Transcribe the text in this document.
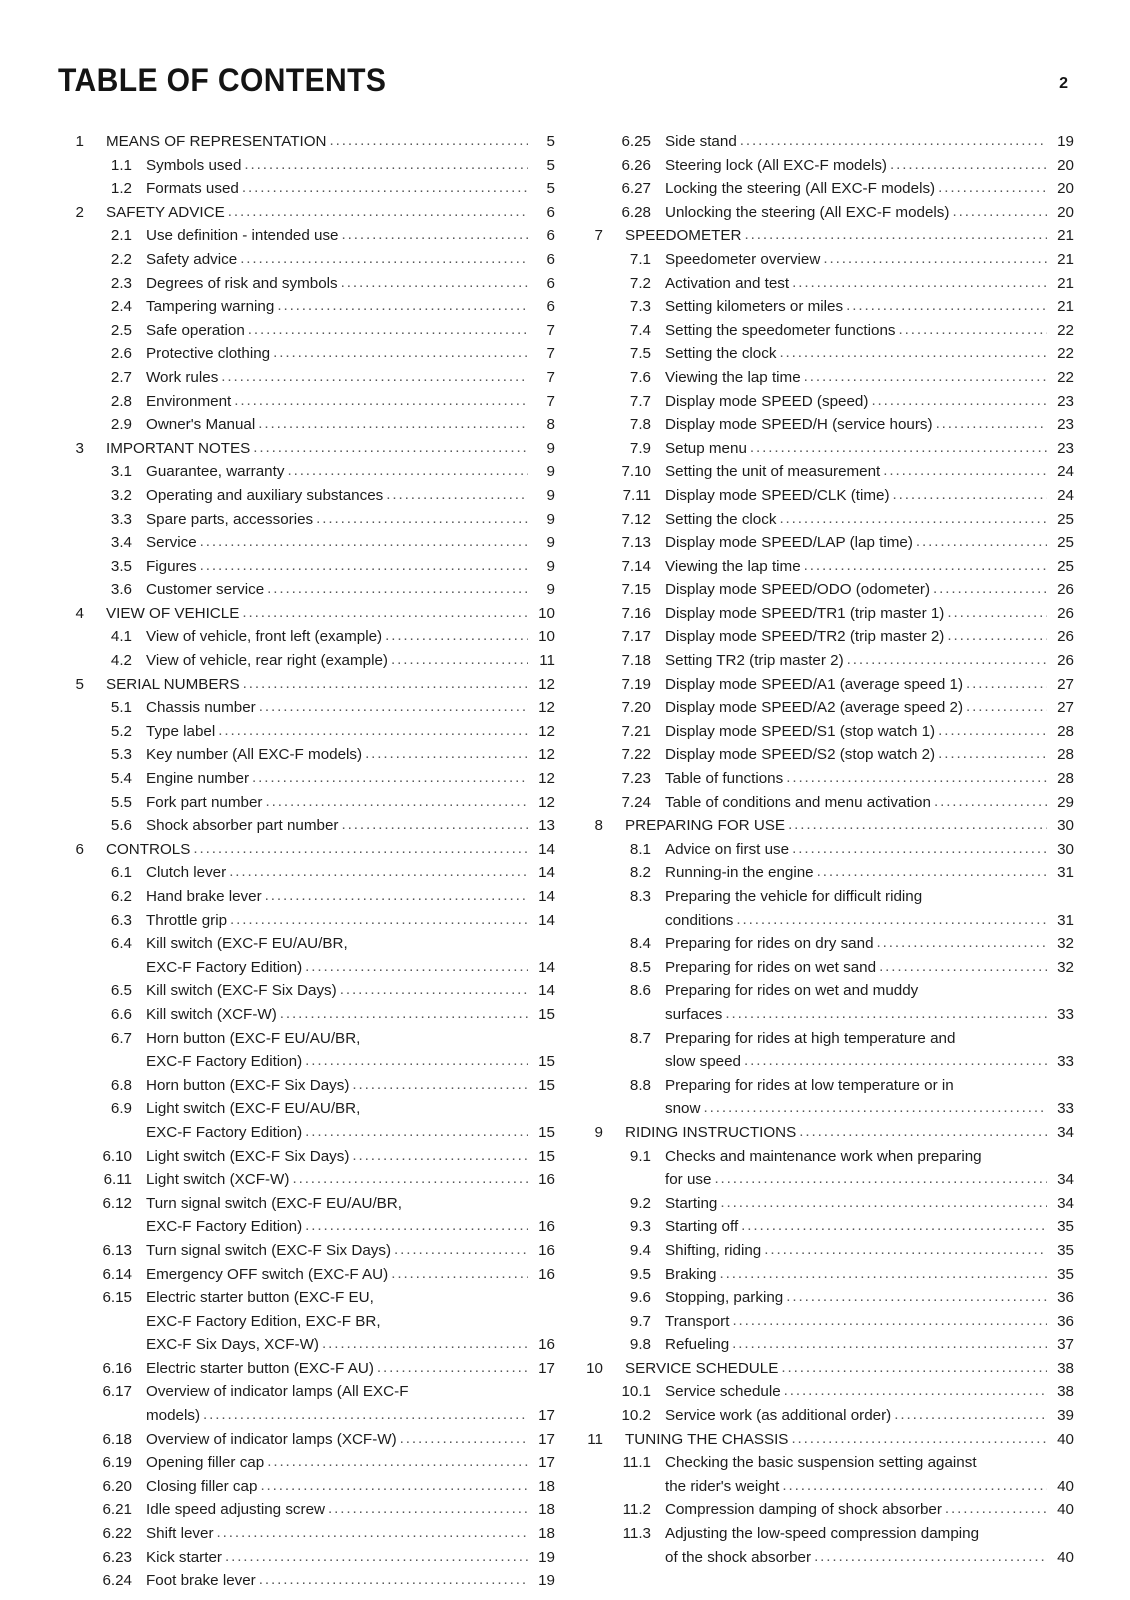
TABLE OF CONTENTS	2
1 MEANS OF REPRESENTATION .....	5
1.1 Symbols used .....	5
1.2 Formats used .....	5
2 SAFETY ADVICE .....	6
2.1 Use definition - intended use .....	6
2.2 Safety advice .....	6
2.3 Degrees of risk and symbols .....	6
2.4 Tampering warning .....	6
2.5 Safe operation .....	7
2.6 Protective clothing .....	7
2.7 Work rules .....	7
2.8 Environment .....	7
2.9 Owner's Manual .....	8
3 IMPORTANT NOTES .....	9
3.1 Guarantee, warranty .....	9
3.2 Operating and auxiliary substances .....	9
3.3 Spare parts, accessories .....	9
3.4 Service .....	9
3.5 Figures .....	9
3.6 Customer service .....	9
4 VIEW OF VEHICLE .....	10
4.1 View of vehicle, front left (example) .....	10
4.2 View of vehicle, rear right (example) .....	11
5 SERIAL NUMBERS .....	12
5.1 Chassis number .....	12
5.2 Type label .....	12
5.3 Key number (All EXC-F models) .....	12
5.4 Engine number .....	12
5.5 Fork part number .....	12
5.6 Shock absorber part number .....	13
6 CONTROLS .....	14
6.1 Clutch lever .....	14
6.2 Hand brake lever .....	14
6.3 Throttle grip .....	14
6.4 Kill switch (EXC-F EU/AU/BR,
EXC-F Factory Edition) .....	14
6.5 Kill switch (EXC-F Six Days) .....	14
6.6 Kill switch (XCF-W) .....	15
6.7 Horn button (EXC-F EU/AU/BR,
EXC-F Factory Edition) .....	15
6.8 Horn button (EXC-F Six Days) .....	15
6.9 Light switch (EXC-F EU/AU/BR,
EXC-F Factory Edition) .....	15
6.10 Light switch (EXC-F Six Days) .....	15
6.11 Light switch (XCF-W) .....	16
6.12 Turn signal switch (EXC-F EU/AU/BR,
EXC-F Factory Edition) .....	16
6.13 Turn signal switch (EXC-F Six Days) .....	16
6.14 Emergency OFF switch (EXC-F AU) .....	16
6.15 Electric starter button (EXC-F EU,
EXC-F Factory Edition, EXC-F BR,
EXC-F Six Days, XCF-W) .....	16
6.16 Electric starter button (EXC-F AU) .....	17
6.17 Overview of indicator lamps (All EXC-F
models) .....	17
6.18 Overview of indicator lamps (XCF-W) .....	17
6.19 Opening filler cap .....	17
6.20 Closing filler cap .....	18
6.21 Idle speed adjusting screw .....	18
6.22 Shift lever .....	18
6.23 Kick starter .....	19
6.24 Foot brake lever .....	19
6.25 Side stand .....	19
6.26 Steering lock (All EXC-F models) .....	20
6.27 Locking the steering (All EXC-F models) .....	20
6.28 Unlocking the steering (All EXC-F models) .....	20
7 SPEEDOMETER .....	21
7.1 Speedometer overview .....	21
7.2 Activation and test .....	21
7.3 Setting kilometers or miles .....	21
7.4 Setting the speedometer functions .....	22
7.5 Setting the clock .....	22
7.6 Viewing the lap time .....	22
7.7 Display mode SPEED (speed) .....	23
7.8 Display mode SPEED/H (service hours) .....	23
7.9 Setup menu .....	23
7.10 Setting the unit of measurement .....	24
7.11 Display mode SPEED/CLK (time) .....	24
7.12 Setting the clock .....	25
7.13 Display mode SPEED/LAP (lap time) .....	25
7.14 Viewing the lap time .....	25
7.15 Display mode SPEED/ODO (odometer) .....	26
7.16 Display mode SPEED/TR1 (trip master 1) .....	26
7.17 Display mode SPEED/TR2 (trip master 2) .....	26
7.18 Setting TR2 (trip master 2) .....	26
7.19 Display mode SPEED/A1 (average speed 1) .....	27
7.20 Display mode SPEED/A2 (average speed 2) .....	27
7.21 Display mode SPEED/S1 (stop watch 1) .....	28
7.22 Display mode SPEED/S2 (stop watch 2) .....	28
7.23 Table of functions .....	28
7.24 Table of conditions and menu activation .....	29
8 PREPARING FOR USE .....	30
8.1 Advice on first use .....	30
8.2 Running-in the engine .....	31
8.3 Preparing the vehicle for difficult riding
conditions .....	31
8.4 Preparing for rides on dry sand .....	32
8.5 Preparing for rides on wet sand .....	32
8.6 Preparing for rides on wet and muddy
surfaces .....	33
8.7 Preparing for rides at high temperature and
slow speed .....	33
8.8 Preparing for rides at low temperature or in
snow .....	33
9 RIDING INSTRUCTIONS .....	34
9.1 Checks and maintenance work when preparing
for use .....	34
9.2 Starting .....	34
9.3 Starting off .....	35
9.4 Shifting, riding .....	35
9.5 Braking .....	35
9.6 Stopping, parking .....	36
9.7 Transport .....	36
9.8 Refueling .....	37
10 SERVICE SCHEDULE .....	38
10.1 Service schedule .....	38
10.2 Service work (as additional order) .....	39
11 TUNING THE CHASSIS .....	40
11.1 Checking the basic suspension setting against
the rider's weight .....	40
11.2 Compression damping of shock absorber .....	40
11.3 Adjusting the low-speed compression damping
of the shock absorber .....	40
